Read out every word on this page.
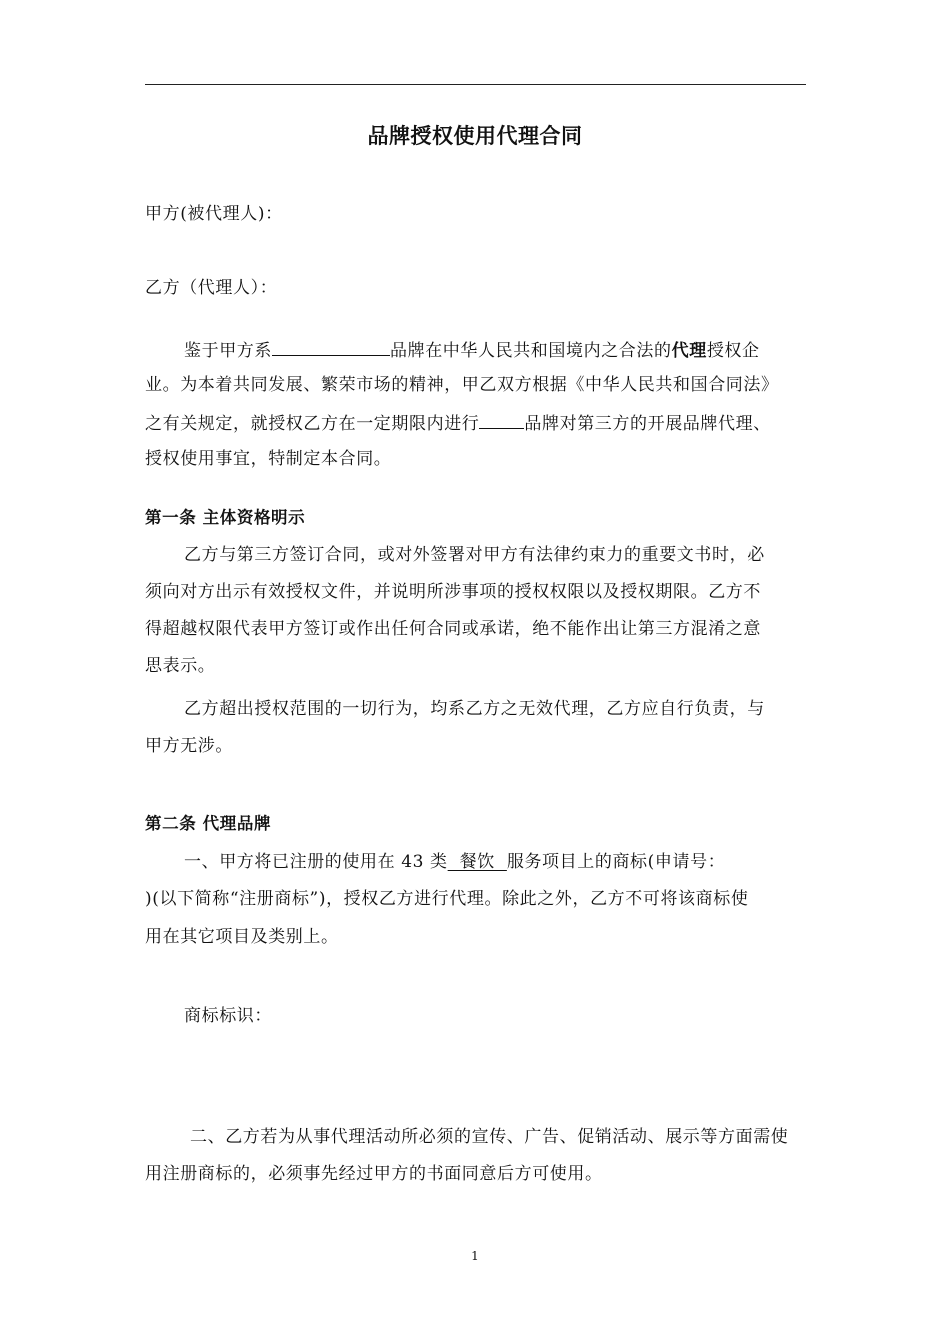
品牌授权使用代理合同
甲方(被代理人)：
乙方（代理人）：
鉴于甲方系	品牌在中华人民共和国境内之合法的代理授权企
业。为本着共同发展、繁荣市场的精神，甲乙双方根据《中华人民共和国合同法》
之有关规定，就授权乙方在一定期限内进行	品牌对第三方的开展品牌代理、
授权使用事宜，特制定本合同。
第一条 主体资格明示
乙方与第三方签订合同，或对外签署对甲方有法律约束力的重要文书时，必
须向对方出示有效授权文件，并说明所涉事项的授权权限以及授权期限。乙方不
得超越权限代表甲方签订或作出任何合同或承诺，绝不能作出让第三方混淆之意
思表示。
乙方超出授权范围的一切行为，均系乙方之无效代理，乙方应自行负责，与
甲方无涉。
第二条 代理品牌
一、甲方将已注册的使用在 43 类  餐饮  服务项目上的商标(申请号：
)(以下简称“注册商标”)，授权乙方进行代理。除此之外，乙方不可将该商标使
用在其它项目及类别上。
商标标识：
二、乙方若为从事代理活动所必须的宣传、广告、促销活动、展示等方面需使
用注册商标的，必须事先经过甲方的书面同意后方可使用。
1
